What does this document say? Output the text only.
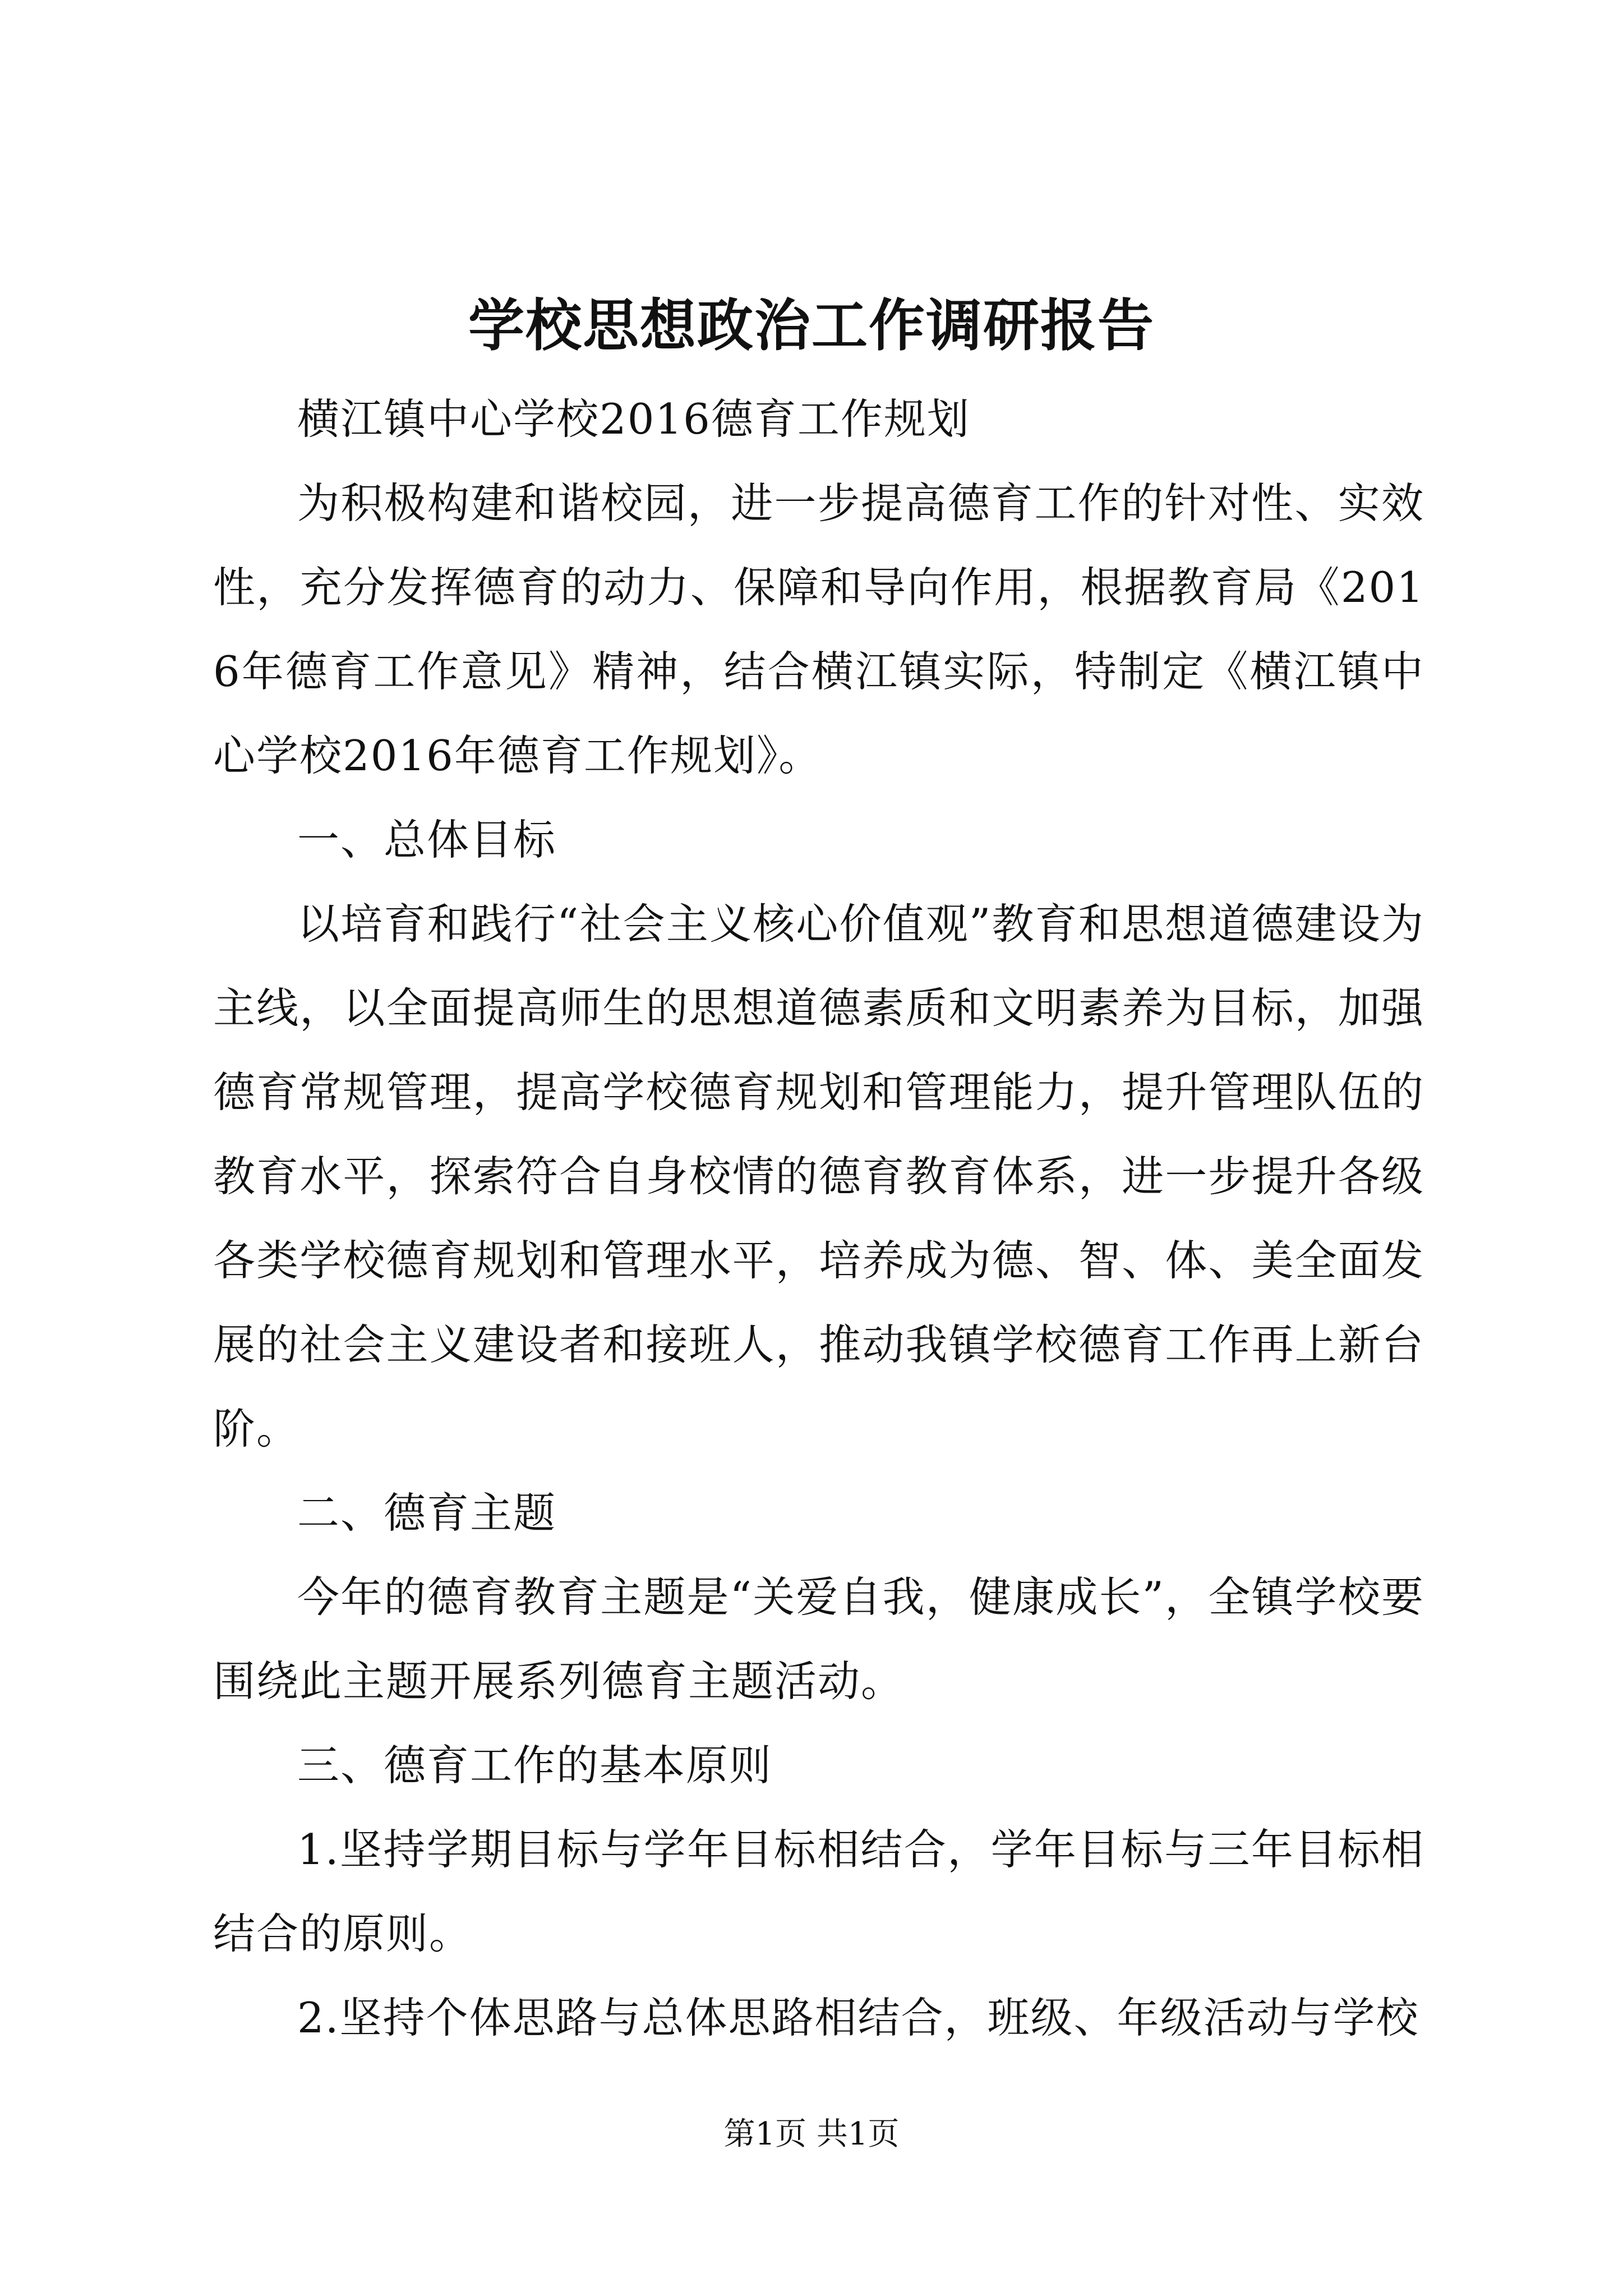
学校思想政治工作调研报告

横江镇中心学校2016德育工作规划

为积极构建和谐校园，进一步提高德育工作的针对性、实效性，充分发挥德育的动力、保障和导向作用，根据教育局《2016年德育工作意见》精神，结合横江镇实际，特制定《横江镇中心学校2016年德育工作规划》。

一、总体目标

以培育和践行“社会主义核心价值观”教育和思想道德建设为主线，以全面提高师生的思想道德素质和文明素养为目标，加强德育常规管理，提高学校德育规划和管理能力，提升管理队伍的教育水平，探索符合自身校情的德育教育体系，进一步提升各级各类学校德育规划和管理水平，培养成为德、智、体、美全面发展的社会主义建设者和接班人，推动我镇学校德育工作再上新台阶。

二、德育主题

今年的德育教育主题是“关爱自我，健康成长”，全镇学校要围绕此主题开展系列德育主题活动。

三、德育工作的基本原则

1.坚持学期目标与学年目标相结合，学年目标与三年目标相结合的原则。

2.坚持个体思路与总体思路相结合，班级、年级活动与学校

第1页 共1页
